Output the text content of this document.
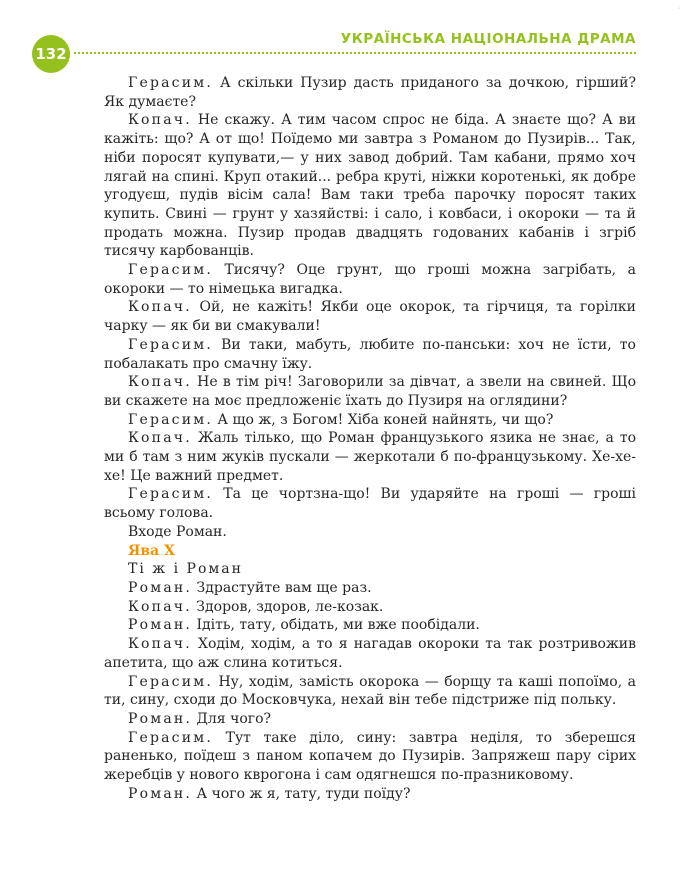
132
УКРАЇНСЬКА НАЦІОНАЛЬНА ДРАМА
◦

Герасим. А скільки Пузир дасть приданого за дочкою, гірший? Як думаєте?

Копач. Не скажу. А тим часом спрос не біда. А знаєте що? А ви кажіть: що? А от що! Поїдемо ми завтра з Романом до Пузирів... Так, ніби поросят купувати,— у них завод добрий. Там кабани, прямо хоч лягай на спині. Круп отакий... ребра круті, ніжки коротенькі, як добре угодуєш, пудів вісім сала! Вам таки треба парочку поросят таких купить. Свині — грунт у хазяйстві: і сало, і ковбаси, і окороки — та й продать можна. Пузир продав двадцять годованих кабанів і згріб тисячу карбованців.

Герасим. Тисячу? Оце грунт, що гроші можна загрібать, а окороки — то німецька вигадка.

Копач. Ой, не кажіть! Якби оце окорок, та гірчиця, та горілки чарку — як би ви смакували!

Герасим. Ви таки, мабуть, любите по-панськи: хоч не їсти, то побалакать про смачну їжу.

Копач. Не в тім річ! Заговорили за дівчат, а звели на свиней. Що ви скажете на моє предложеніє їхать до Пузиря на оглядини?

Герасим. А що ж, з Богом! Хіба коней найнять, чи що?

Копач. Жаль тілько, що Роман французького язика не знає, а то ми б там з ним жуків пускали — жеркотали б по-французькому. Хе-хе-хе! Це важний предмет.

Герасим. Та це чортзна-що! Ви ударяйте на гроші — гроші всьому голова.

Входе Роман.

Ява X

Ті ж і Роман

Роман. Здрастуйте вам ще раз.

Копач. Здоров, здоров, ле-козак.

Роман. Ідіть, тату, обідать, ми вже пообідали.

Копач. Ходім, ходім, а то я нагадав окороки та так розтривожив апетита, що аж слина котиться.

Герасим. Ну, ходім, замість окорока — борщу та каші попоїмо, а ти, сину, сходи до Московчука, нехай він тебе підстриже під польку.

Роман. Для чого?

Герасим. Тут таке діло, сину: завтра неділя, то зберешся раненько, поїдеш з паном копачем до Пузирів. Запряжеш пару сірих жеребців у нового кврогона і сам одягнешся по-празниковому.

Роман. А чого ж я, тату, туди поїду?
